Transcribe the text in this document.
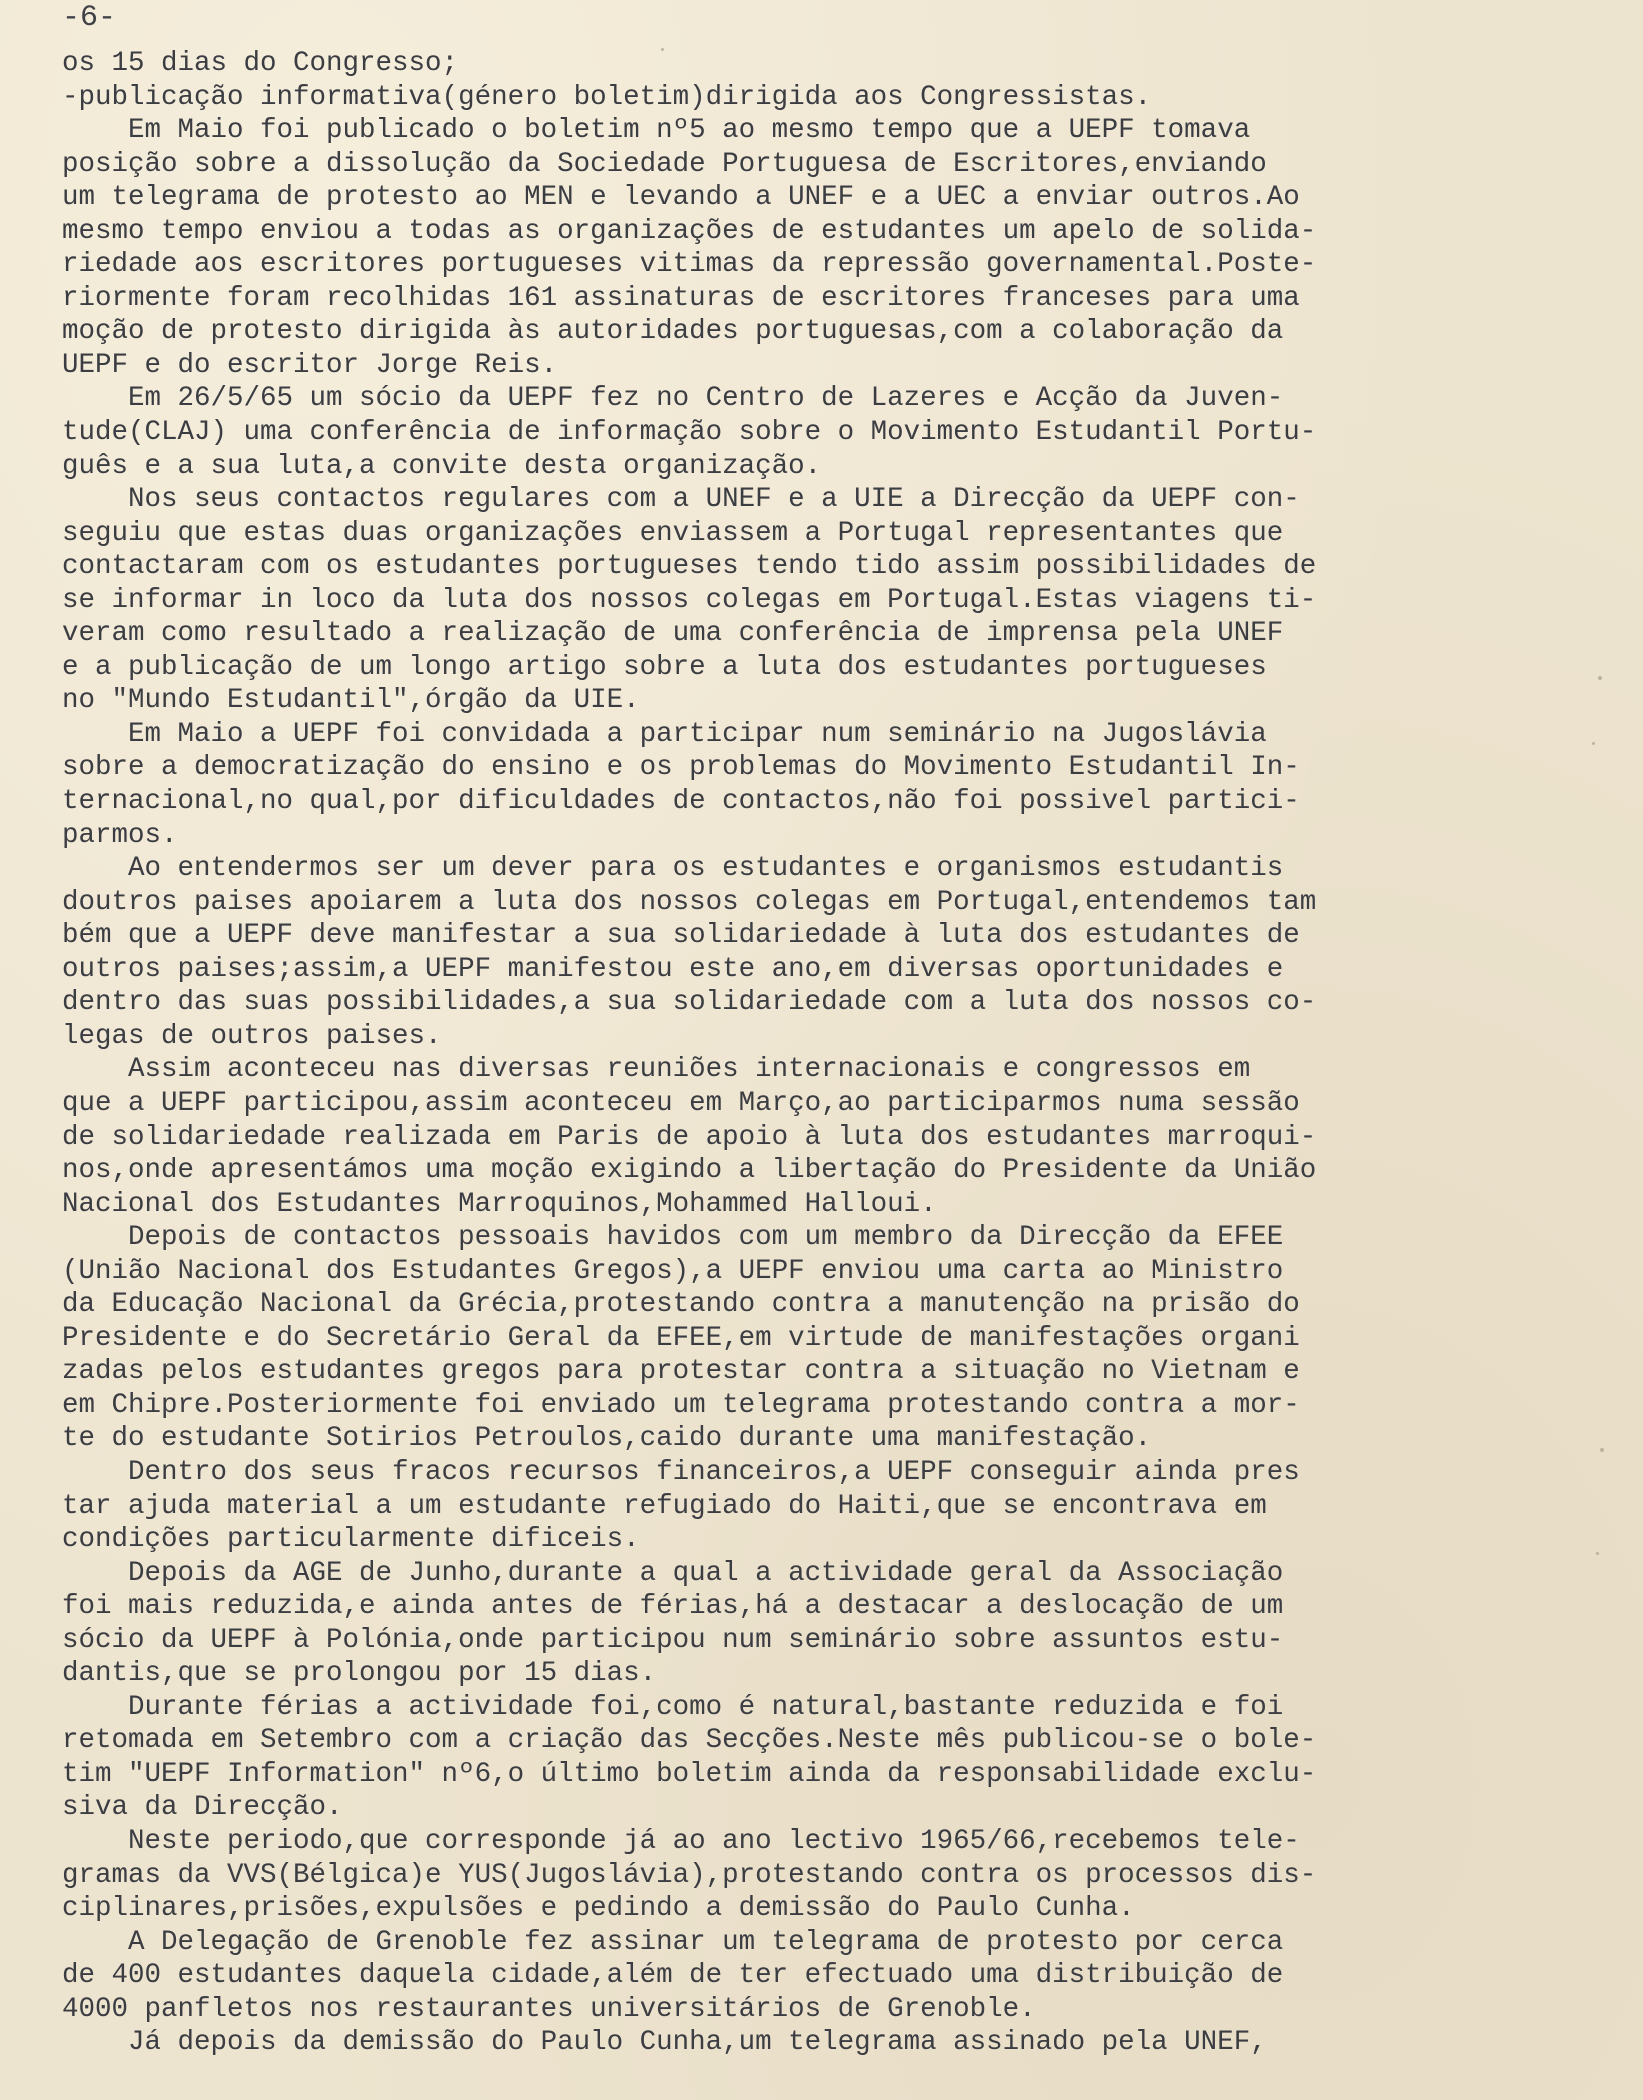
-6-
os 15 dias do Congresso;
-publicação informativa(género boletim)dirigida aos Congressistas.
Em Maio foi publicado o boletim nº5 ao mesmo tempo que a UEPF tomava
posição sobre a dissolução da Sociedade Portuguesa de Escritores,enviando
um telegrama de protesto ao MEN e levando a UNEF e a UEC a enviar outros.Ao
mesmo tempo enviou a todas as organizações de estudantes um apelo de solida-
riedade aos escritores portugueses vitimas da repressão governamental.Poste-
riormente foram recolhidas 161 assinaturas de escritores franceses para uma
moção de protesto dirigida às autoridades portuguesas,com a colaboração da
UEPF e do escritor Jorge Reis.
Em 26/5/65 um sócio da UEPF fez no Centro de Lazeres e Acção da Juven-
tude(CLAJ) uma conferência de informação sobre o Movimento Estudantil Portu-
guês e a sua luta,a convite desta organização.
Nos seus contactos regulares com a UNEF e a UIE a Direcção da UEPF con-
seguiu que estas duas organizações enviassem a Portugal representantes que
contactaram com os estudantes portugueses tendo tido assim possibilidades de
se informar in loco da luta dos nossos colegas em Portugal.Estas viagens ti-
veram como resultado a realização de uma conferência de imprensa pela UNEF
e a publicação de um longo artigo sobre a luta dos estudantes portugueses
no "Mundo Estudantil",órgão da UIE.
Em Maio a UEPF foi convidada a participar num seminário na Jugoslávia
sobre a democratização do ensino e os problemas do Movimento Estudantil In-
ternacional,no qual,por dificuldades de contactos,não foi possivel partici-
parmos.
Ao entendermos ser um dever para os estudantes e organismos estudantis
doutros paises apoiarem a luta dos nossos colegas em Portugal,entendemos tam
bém que a UEPF deve manifestar a sua solidariedade à luta dos estudantes de
outros paises;assim,a UEPF manifestou este ano,em diversas oportunidades e
dentro das suas possibilidades,a sua solidariedade com a luta dos nossos co-
legas de outros paises.
Assim aconteceu nas diversas reuniões internacionais e congressos em
que a UEPF participou,assim aconteceu em Março,ao participarmos numa sessão
de solidariedade realizada em Paris de apoio à luta dos estudantes marroqui-
nos,onde apresentámos uma moção exigindo a libertação do Presidente da União
Nacional dos Estudantes Marroquinos,Mohammed Halloui.
Depois de contactos pessoais havidos com um membro da Direcção da EFEE
(União Nacional dos Estudantes Gregos),a UEPF enviou uma carta ao Ministro
da Educação Nacional da Grécia,protestando contra a manutenção na prisão do
Presidente e do Secretário Geral da EFEE,em virtude de manifestações organi
zadas pelos estudantes gregos para protestar contra a situação no Vietnam e
em Chipre.Posteriormente foi enviado um telegrama protestando contra a mor-
te do estudante Sotirios Petroulos,caido durante uma manifestação.
Dentro dos seus fracos recursos financeiros,a UEPF conseguir ainda pres
tar ajuda material a um estudante refugiado do Haiti,que se encontrava em
condições particularmente dificeis.
Depois da AGE de Junho,durante a qual a actividade geral da Associação
foi mais reduzida,e ainda antes de férias,há a destacar a deslocação de um
sócio da UEPF à Polónia,onde participou num seminário sobre assuntos estu-
dantis,que se prolongou por 15 dias.
Durante férias a actividade foi,como é natural,bastante reduzida e foi
retomada em Setembro com a criação das Secções.Neste mês publicou-se o bole-
tim "UEPF Information" nº6,o último boletim ainda da responsabilidade exclu-
siva da Direcção.
Neste periodo,que corresponde já ao ano lectivo 1965/66,recebemos tele-
gramas da VVS(Bélgica)e YUS(Jugoslávia),protestando contra os processos dis-
ciplinares,prisões,expulsões e pedindo a demissão do Paulo Cunha.
A Delegação de Grenoble fez assinar um telegrama de protesto por cerca
de 400 estudantes daquela cidade,além de ter efectuado uma distribuição de
4000 panfletos nos restaurantes universitários de Grenoble.
Já depois da demissão do Paulo Cunha,um telegrama assinado pela UNEF,
